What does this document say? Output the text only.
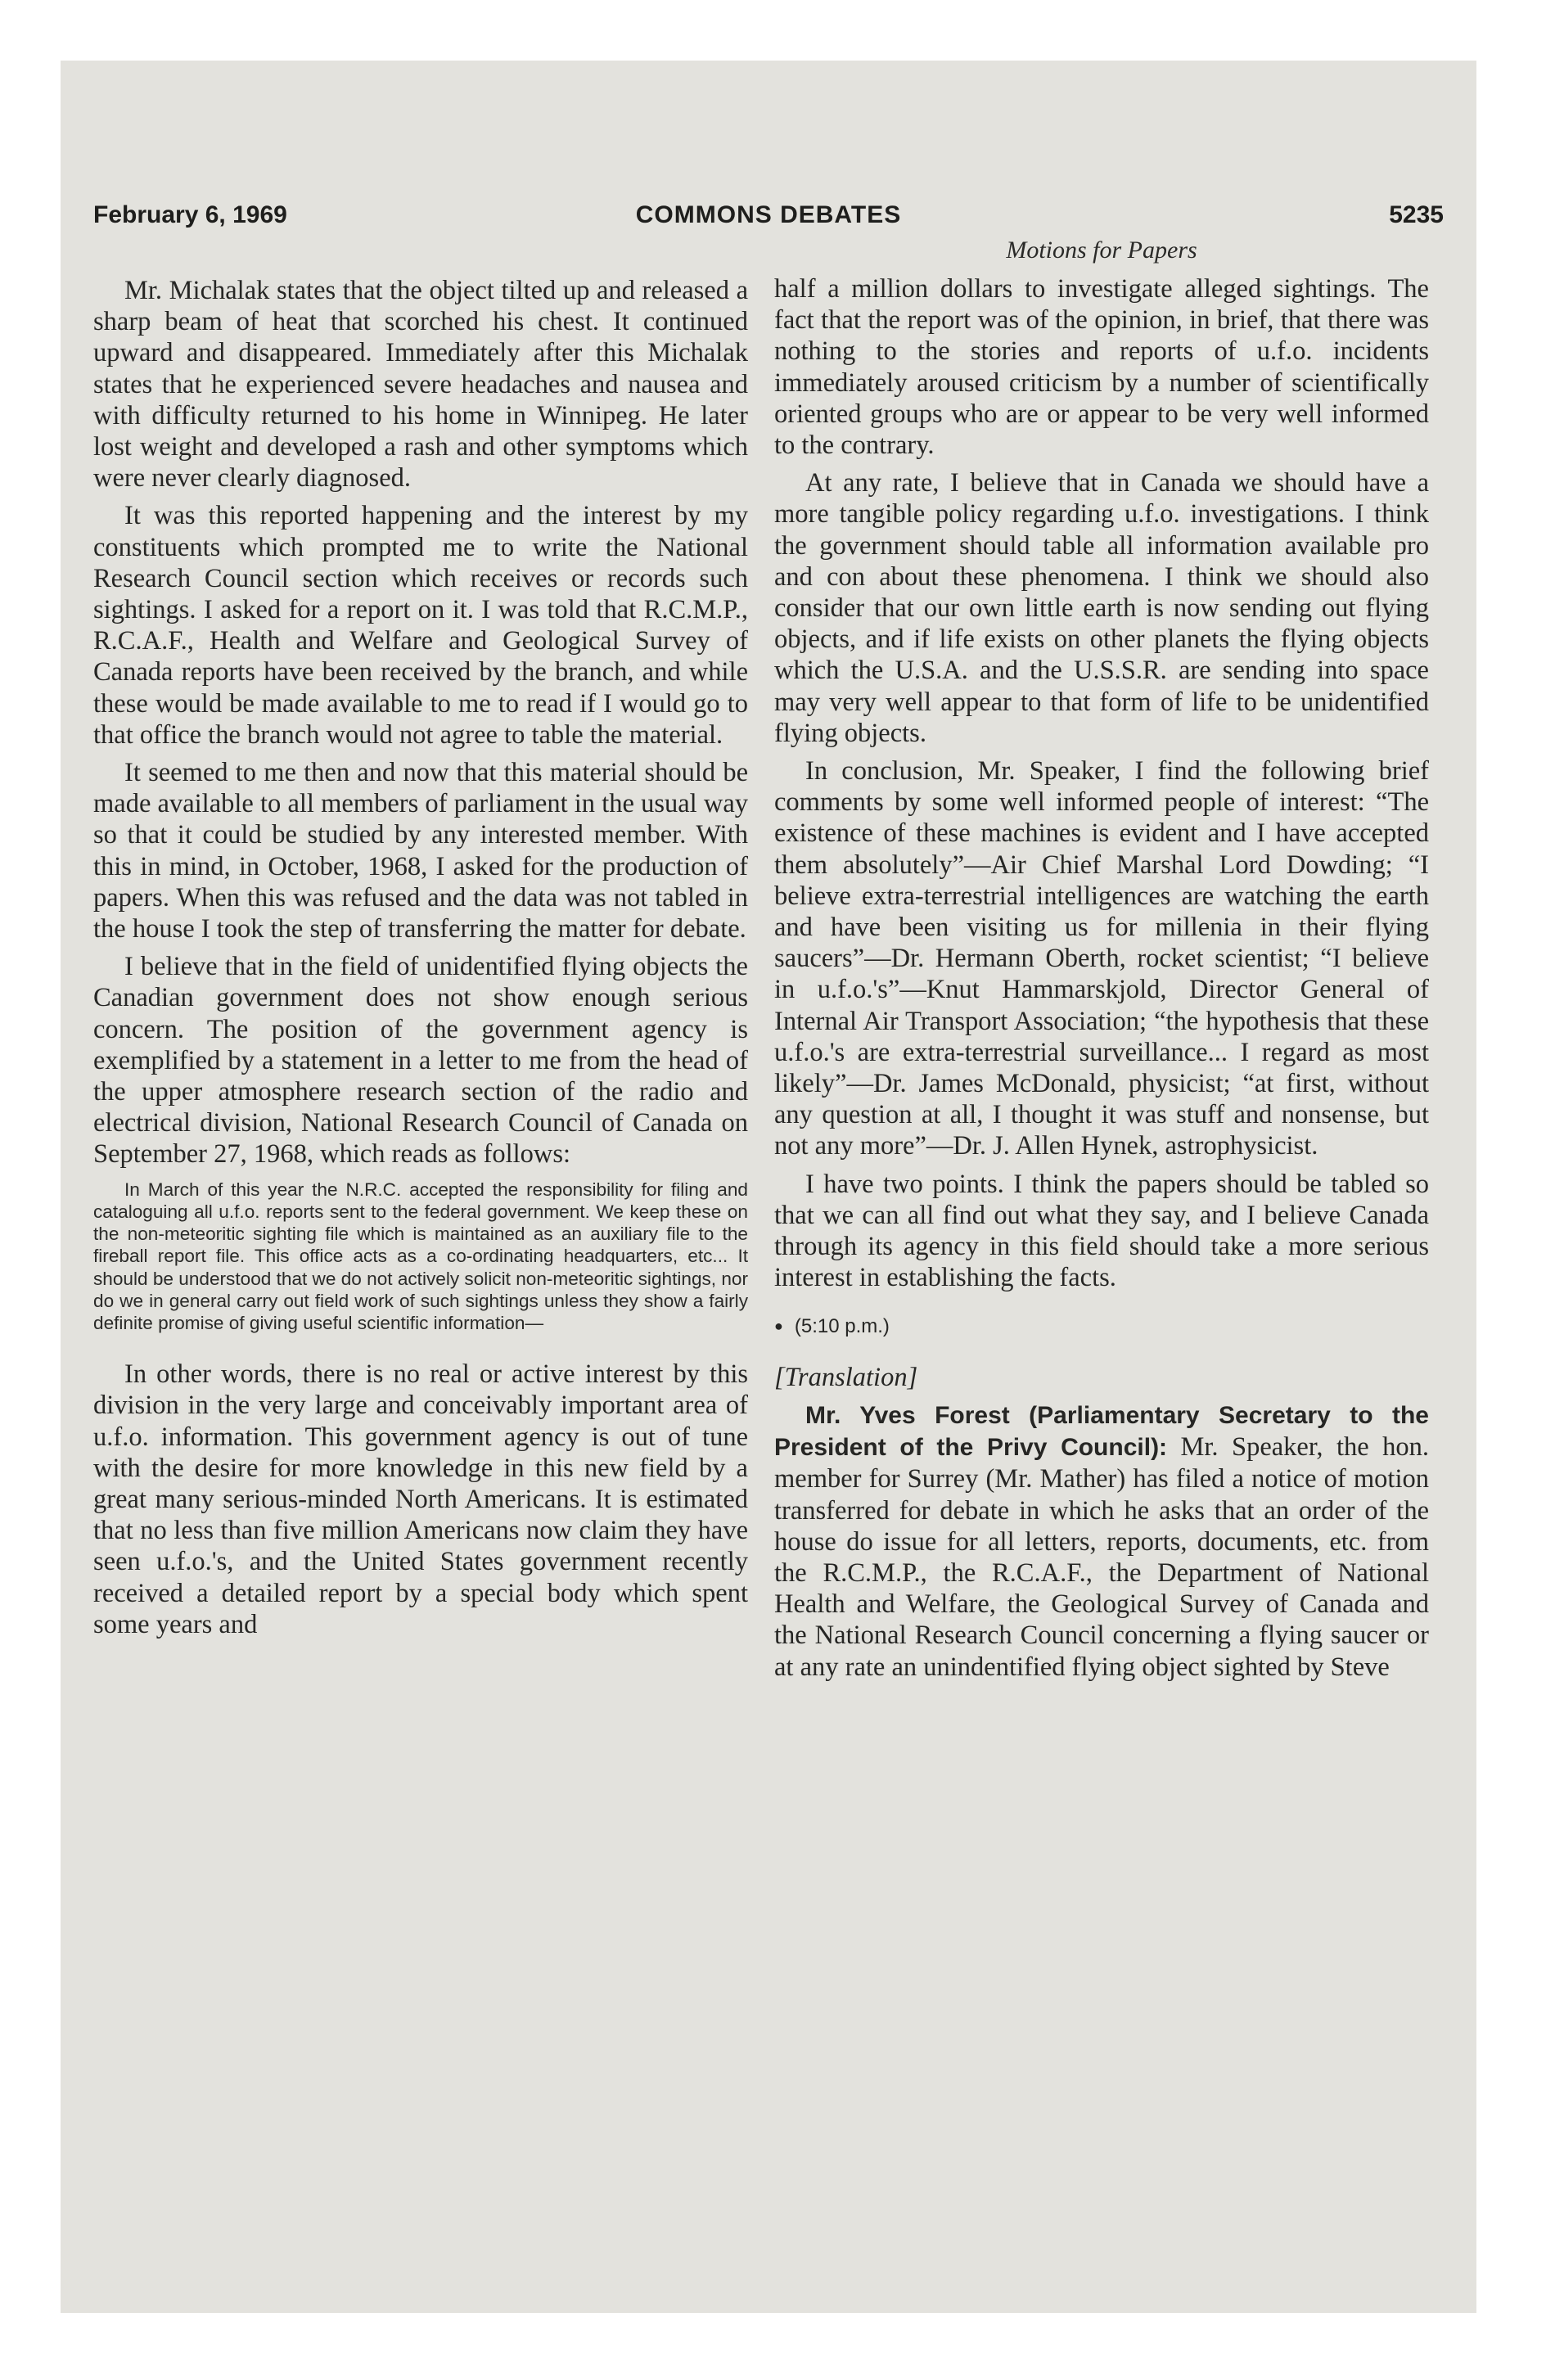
February 6, 1969	COMMONS DEBATES	5235

Mr. Michalak states that the object tilted up and released a sharp beam of heat that scorched his chest. It continued upward and disappeared. Immediately after this Michalak states that he experienced severe headaches and nausea and with difficulty returned to his home in Winnipeg. He later lost weight and developed a rash and other symptoms which were never clearly diagnosed.

It was this reported happening and the interest by my constituents which prompted me to write the National Research Council section which receives or records such sightings. I asked for a report on it. I was told that R.C.M.P., R.C.A.F., Health and Welfare and Geological Survey of Canada reports have been received by the branch, and while these would be made available to me to read if I would go to that office the branch would not agree to table the material.

It seemed to me then and now that this material should be made available to all members of parliament in the usual way so that it could be studied by any interested member. With this in mind, in October, 1968, I asked for the production of papers. When this was refused and the data was not tabled in the house I took the step of transferring the matter for debate.

I believe that in the field of unidentified flying objects the Canadian government does not show enough serious concern. The position of the government agency is exemplified by a statement in a letter to me from the head of the upper atmosphere research section of the radio and electrical division, National Research Council of Canada on September 27, 1968, which reads as follows:

In March of this year the N.R.C. accepted the responsibility for filing and cataloguing all u.f.o. reports sent to the federal government. We keep these on the non-meteoritic sighting file which is maintained as an auxiliary file to the fireball report file. This office acts as a co-ordinating headquarters, etc... It should be understood that we do not actively solicit non-meteoritic sightings, nor do we in general carry out field work of such sightings unless they show a fairly definite promise of giving useful scientific information—

In other words, there is no real or active interest by this division in the very large and conceivably important area of u.f.o. information. This government agency is out of tune with the desire for more knowledge in this new field by a great many serious-minded North Americans. It is estimated that no less than five million Americans now claim they have seen u.f.o.'s, and the United States government recently received a detailed report by a special body which spent some years and

Motions for Papers

half a million dollars to investigate alleged sightings. The fact that the report was of the opinion, in brief, that there was nothing to the stories and reports of u.f.o. incidents immediately aroused criticism by a number of scientifically oriented groups who are or appear to be very well informed to the contrary.

At any rate, I believe that in Canada we should have a more tangible policy regarding u.f.o. investigations. I think the government should table all information available pro and con about these phenomena. I think we should also consider that our own little earth is now sending out flying objects, and if life exists on other planets the flying objects which the U.S.A. and the U.S.S.R. are sending into space may very well appear to that form of life to be unidentified flying objects.

In conclusion, Mr. Speaker, I find the following brief comments by some well informed people of interest: “The existence of these machines is evident and I have accepted them absolutely”—Air Chief Marshal Lord Dowding; “I believe extra-terrestrial intelligences are watching the earth and have been visiting us for millenia in their flying saucers”—Dr. Hermann Oberth, rocket scientist; “I believe in u.f.o.'s”—Knut Hammarskjold, Director General of Internal Air Transport Association; “the hypothesis that these u.f.o.'s are extra-terrestrial surveillance... I regard as most likely”—Dr. James McDonald, physicist; “at first, without any question at all, I thought it was stuff and nonsense, but not any more”—Dr. J. Allen Hynek, astrophysicist.

I have two points. I think the papers should be tabled so that we can all find out what they say, and I believe Canada through its agency in this field should take a more serious interest in establishing the facts.

● (5:10 p.m.)

[Translation]

Mr. Yves Forest (Parliamentary Secretary to the President of the Privy Council): Mr. Speaker, the hon. member for Surrey (Mr. Mather) has filed a notice of motion transferred for debate in which he asks that an order of the house do issue for all letters, reports, documents, etc. from the R.C.M.P., the R.C.A.F., the Department of National Health and Welfare, the Geological Survey of Canada and the National Research Council concerning a flying saucer or at any rate an unindentified flying object sighted by Steve
